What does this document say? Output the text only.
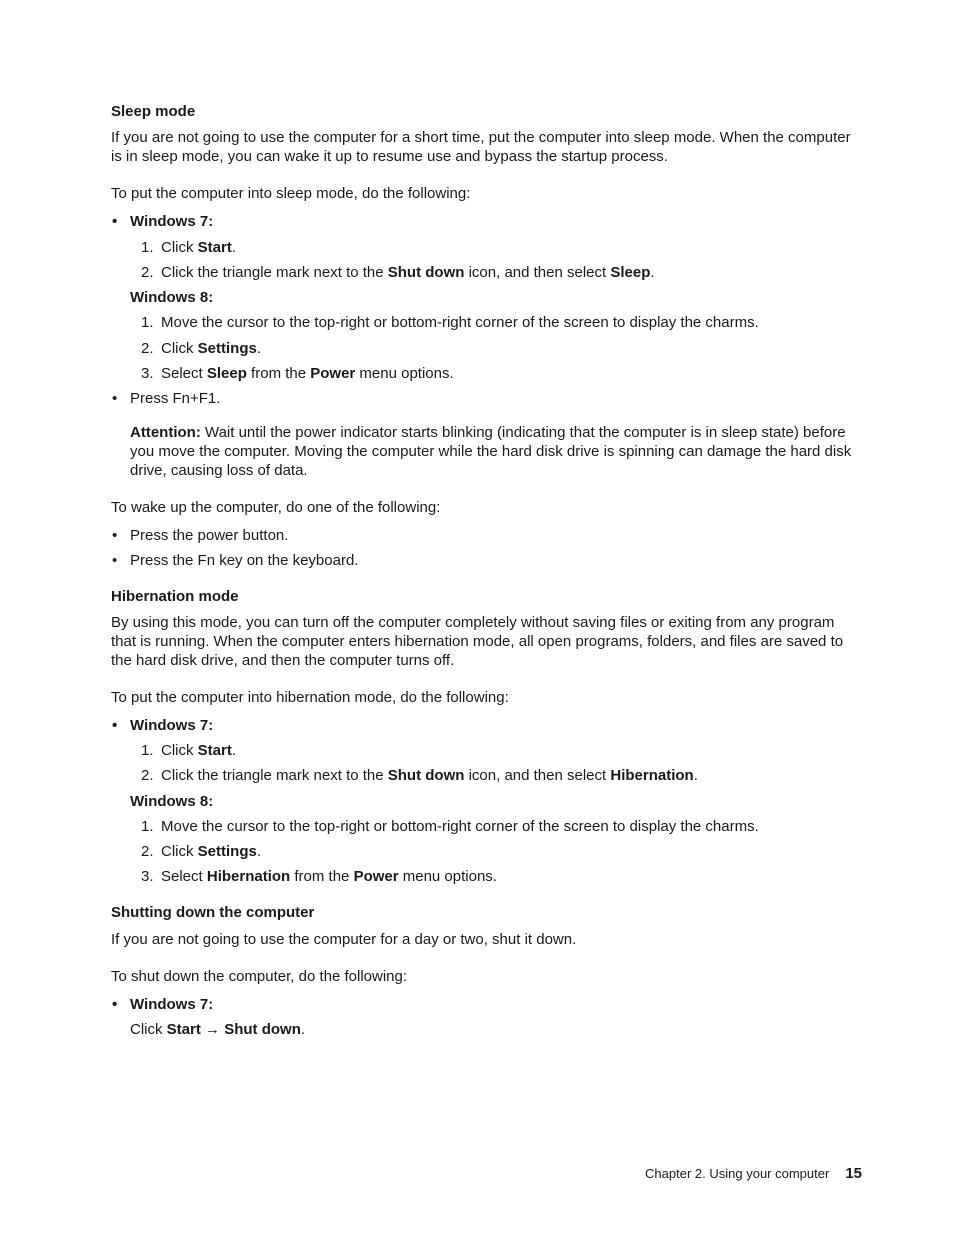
Sleep mode
If you are not going to use the computer for a short time, put the computer into sleep mode. When the computer is in sleep mode, you can wake it up to resume use and bypass the startup process.
To put the computer into sleep mode, do the following:
• Windows 7:
1. Click Start.
2. Click the triangle mark next to the Shut down icon, and then select Sleep.
Windows 8:
1. Move the cursor to the top-right or bottom-right corner of the screen to display the charms.
2. Click Settings.
3. Select Sleep from the Power menu options.
• Press Fn+F1.
Attention: Wait until the power indicator starts blinking (indicating that the computer is in sleep state) before you move the computer. Moving the computer while the hard disk drive is spinning can damage the hard disk drive, causing loss of data.
To wake up the computer, do one of the following:
• Press the power button.
• Press the Fn key on the keyboard.
Hibernation mode
By using this mode, you can turn off the computer completely without saving files or exiting from any program that is running. When the computer enters hibernation mode, all open programs, folders, and files are saved to the hard disk drive, and then the computer turns off.
To put the computer into hibernation mode, do the following:
• Windows 7:
1. Click Start.
2. Click the triangle mark next to the Shut down icon, and then select Hibernation.
Windows 8:
1. Move the cursor to the top-right or bottom-right corner of the screen to display the charms.
2. Click Settings.
3. Select Hibernation from the Power menu options.
Shutting down the computer
If you are not going to use the computer for a day or two, shut it down.
To shut down the computer, do the following:
• Windows 7:
Click Start → Shut down.
Chapter 2. Using your computer 15
